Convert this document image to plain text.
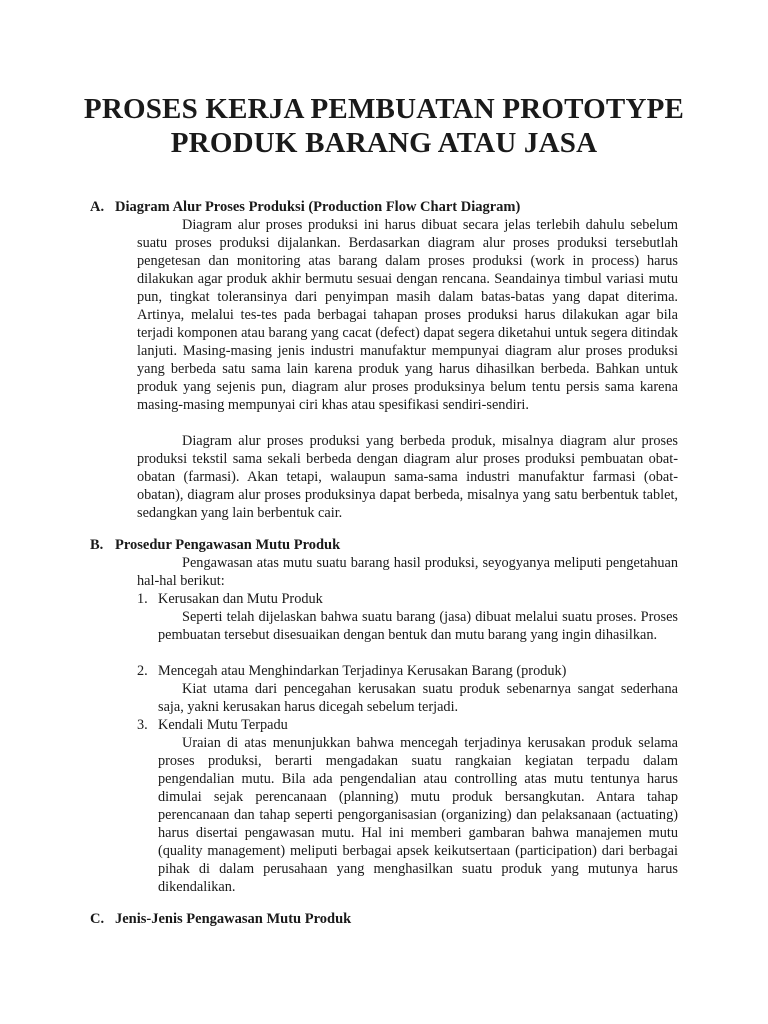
PROSES KERJA PEMBUATAN PROTOTYPE
PRODUK BARANG ATAU JASA
A. Diagram Alur Proses Produksi (Production Flow Chart Diagram)

Diagram alur proses produksi ini harus dibuat secara jelas terlebih dahulu sebelum suatu proses produksi dijalankan. Berdasarkan diagram alur proses produksi tersebutlah pengetesan dan monitoring atas barang dalam proses produksi (work in process) harus dilakukan agar produk akhir bermutu sesuai dengan rencana. Seandainya timbul variasi mutu pun, tingkat toleransinya dari penyimpan masih dalam batas-batas yang dapat diterima. Artinya, melalui tes-tes pada berbagai tahapan proses produksi harus dilakukan agar bila terjadi komponen atau barang yang cacat (defect) dapat segera diketahui untuk segera ditindak lanjuti. Masing-masing jenis industri manufaktur mempunyai diagram alur proses produksi yang berbeda satu sama lain karena produk yang harus dihasilkan berbeda. Bahkan untuk produk yang sejenis pun, diagram alur proses produksinya belum tentu persis sama karena masing-masing mempunyai ciri khas atau spesifikasi sendiri-sendiri.

Diagram alur proses produksi yang berbeda produk, misalnya diagram alur proses produksi tekstil sama sekali berbeda dengan diagram alur proses produksi pembuatan obat-obatan (farmasi). Akan tetapi, walaupun sama-sama industri manufaktur farmasi (obat-obatan), diagram alur proses produksinya dapat berbeda, misalnya yang satu berbentuk tablet, sedangkan yang lain berbentuk cair.

B. Prosedur Pengawasan Mutu Produk

Pengawasan atas mutu suatu barang hasil produksi, seyogyanya meliputi pengetahuan hal-hal berikut:

1. Kerusakan dan Mutu Produk

Seperti telah dijelaskan bahwa suatu barang (jasa) dibuat melalui suatu proses. Proses pembuatan tersebut disesuaikan dengan bentuk dan mutu barang yang ingin dihasilkan.

2. Mencegah atau Menghindarkan Terjadinya Kerusakan Barang (produk)

Kiat utama dari pencegahan kerusakan suatu produk sebenarnya sangat sederhana saja, yakni kerusakan harus dicegah sebelum terjadi.

3. Kendali Mutu Terpadu

Uraian di atas menunjukkan bahwa mencegah terjadinya kerusakan produk selama proses produksi, berarti mengadakan suatu rangkaian kegiatan terpadu dalam pengendalian mutu. Bila ada pengendalian atau controlling atas mutu tentunya harus dimulai sejak perencanaan (planning) mutu produk bersangkutan. Antara tahap perencanaan dan tahap seperti pengorganisasian (organizing) dan pelaksanaan (actuating) harus disertai pengawasan mutu. Hal ini memberi gambaran bahwa manajemen mutu (quality management) meliputi berbagai apsek keikutsertaan (participation) dari berbagai pihak di dalam perusahaan yang menghasilkan suatu produk yang mutunya harus dikendalikan.

C. Jenis-Jenis Pengawasan Mutu Produk
